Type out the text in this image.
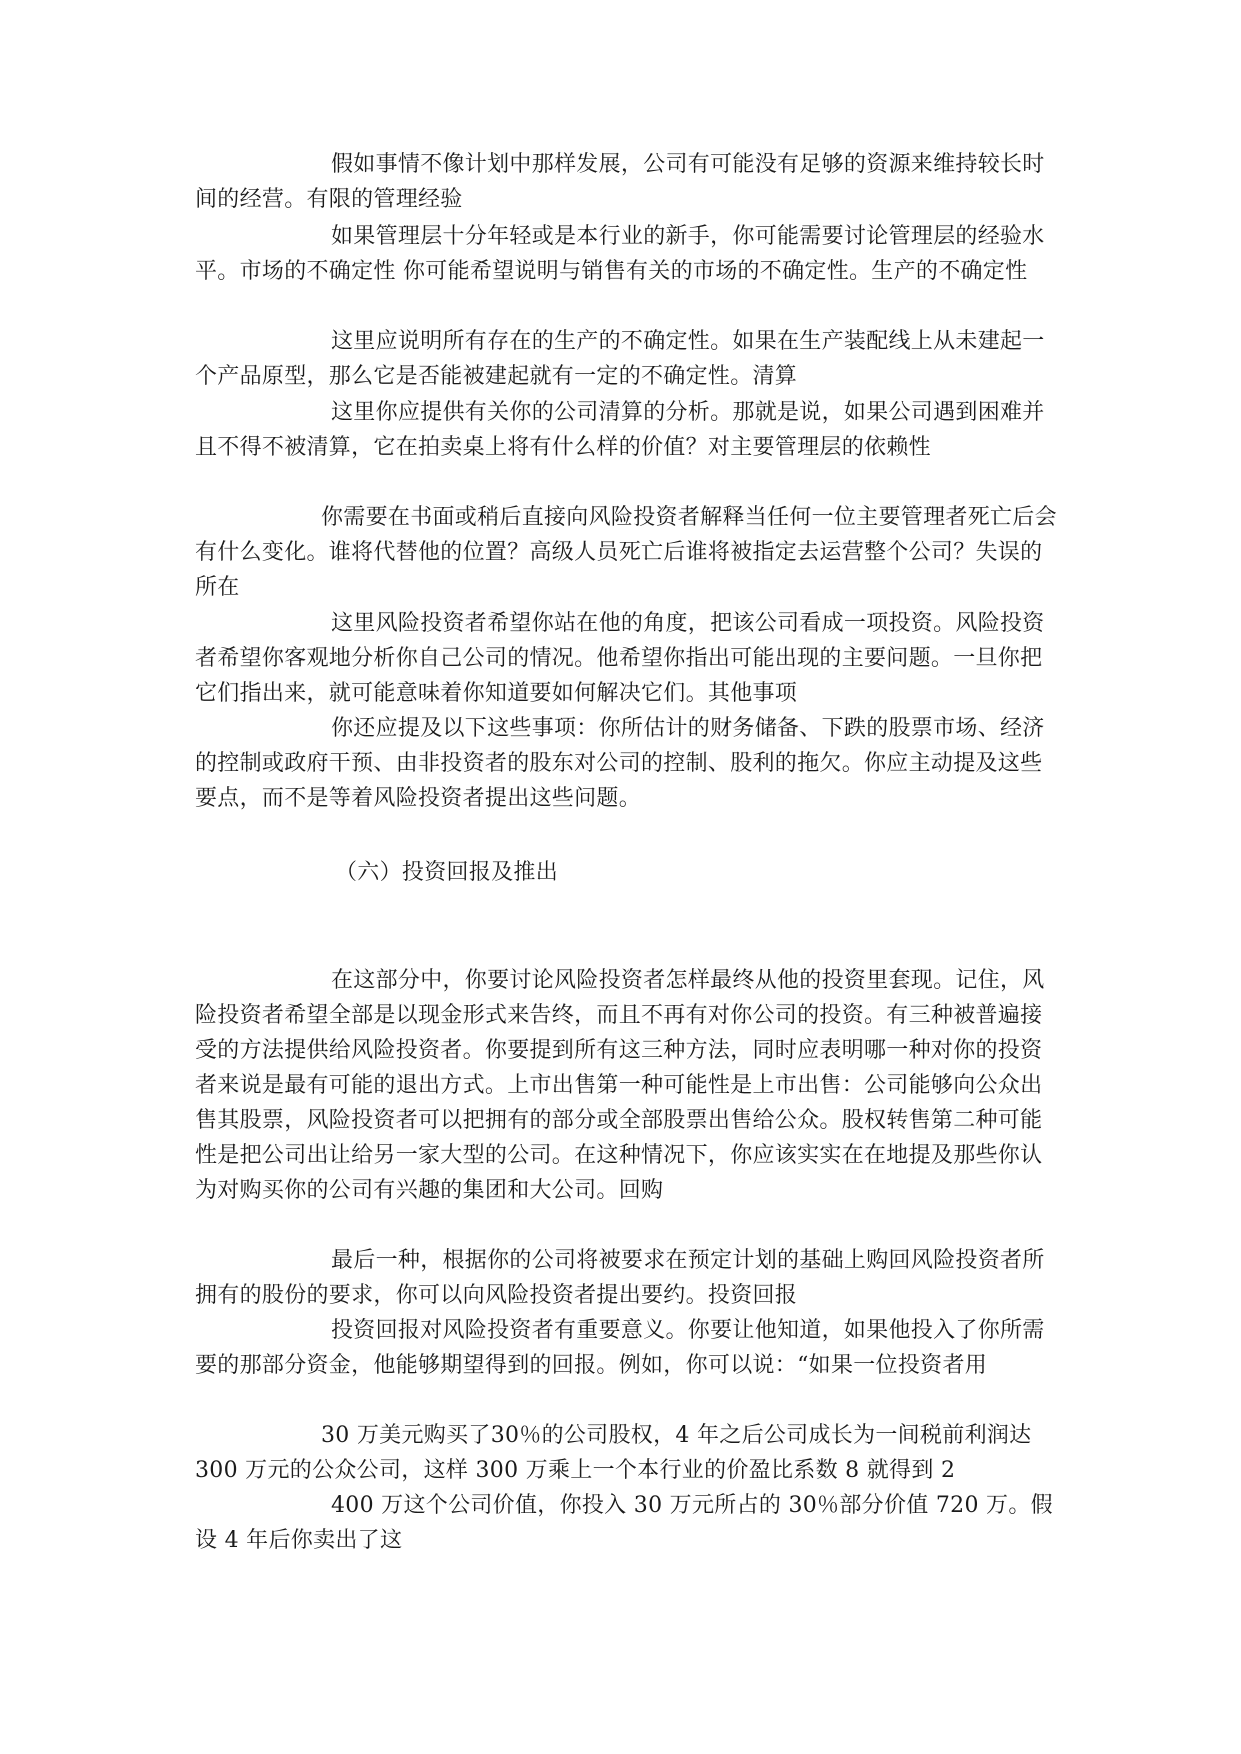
假如事情不像计划中那样发展，公司有可能没有足够的资源来维持较长时间的经营。有限的管理经验

如果管理层十分年轻或是本行业的新手，你可能需要讨论管理层的经验水平。市场的不确定性 你可能希望说明与销售有关的市场的不确定性。生产的不确定性

这里应说明所有存在的生产的不确定性。如果在生产装配线上从未建起一个产品原型，那么它是否能被建起就有一定的不确定性。清算

这里你应提供有关你的公司清算的分析。那就是说，如果公司遇到困难并且不得不被清算，它在拍卖桌上将有什么样的价值？对主要管理层的依赖性

你需要在书面或稍后直接向风险投资者解释当任何一位主要管理者死亡后会有什么变化。谁将代替他的位置？高级人员死亡后谁将被指定去运营整个公司？失误的所在

这里风险投资者希望你站在他的角度，把该公司看成一项投资。风险投资者希望你客观地分析你自己公司的情况。他希望你指出可能出现的主要问题。一旦你把它们指出来，就可能意味着你知道要如何解决它们。其他事项

你还应提及以下这些事项：你所估计的财务储备、下跌的股票市场、经济的控制或政府干预、由非投资者的股东对公司的控制、股利的拖欠。你应主动提及这些要点，而不是等着风险投资者提出这些问题。

（六）投资回报及推出

在这部分中，你要讨论风险投资者怎样最终从他的投资里套现。记住，风险投资者希望全部是以现金形式来告终，而且不再有对你公司的投资。有三种被普遍接受的方法提供给风险投资者。你要提到所有这三种方法，同时应表明哪一种对你的投资者来说是最有可能的退出方式。上市出售第一种可能性是上市出售：公司能够向公众出售其股票，风险投资者可以把拥有的部分或全部股票出售给公众。股权转售第二种可能性是把公司出让给另一家大型的公司。在这种情况下，你应该实实在在地提及那些你认为对购买你的公司有兴趣的集团和大公司。回购

最后一种，根据你的公司将被要求在预定计划的基础上购回风险投资者所拥有的股份的要求，你可以向风险投资者提出要约。投资回报

投资回报对风险投资者有重要意义。你要让他知道，如果他投入了你所需要的那部分资金，他能够期望得到的回报。例如，你可以说：“如果一位投资者用

30 万美元购买了30％的公司股权，4 年之后公司成长为一间税前利润达 300 万元的公众公司，这样 300 万乘上一个本行业的价盈比系数 8 就得到 2

400 万这个公司价值，你投入 30 万元所占的 30％部分价值 720 万。假设 4 年后你卖出了这
